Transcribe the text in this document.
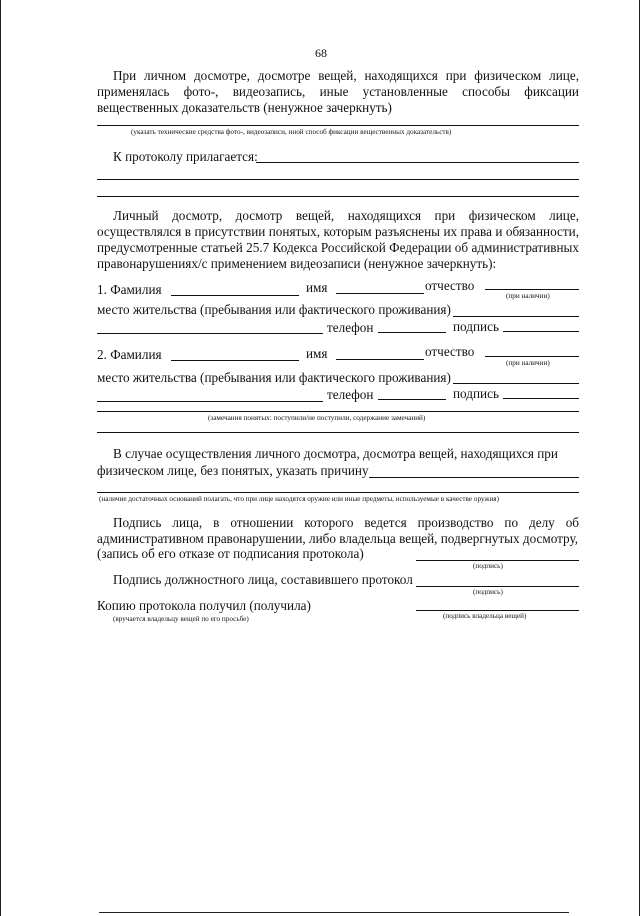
68
При личном досмотре, досмотре вещей, находящихся при физическом лице,
применялась фото-, видеозапись, иные установленные способы фиксации
вещественных доказательств (ненужное зачеркнуть)
(указать технические средства фото-, видеозаписи, иной способ фиксации вещественных доказательств)
К протоколу прилагается:
Личный досмотр, досмотр вещей, находящихся при физическом лице,
осуществлялся в присутствии понятых, которым разъяснены их права и обязанности,
предусмотренные статьей 25.7 Кодекса Российской Федерации об административных
правонарушениях/с применением видеозаписи (ненужное зачеркнуть):
1. Фамилия	имя	отчество
(при наличии)
место жительства (пребывания или фактического проживания)
телефон	подпись
2. Фамилия	имя	отчество
(при наличии)
место жительства (пребывания или фактического проживания)
телефон	подпись
(замечания понятых: поступили/не поступили, содержание замечаний)
В случае осуществления личного досмотра, досмотра вещей, находящихся при
физическом лице, без понятых, указать причину
(наличие достаточных оснований полагать, что при лице находятся оружие или иные предметы, используемые в качестве оружия)
Подпись лица, в отношении которого ведется производство по делу об
административном правонарушении, либо владельца вещей, подвергнутых досмотру,
(запись об его отказе от подписания протокола)
(подпись)
Подпись должностного лица, составившего протокол
(подпись)
Копию протокола получил (получила)
(вручается владельцу вещей по его просьбе)	(подпись владельца вещей)
